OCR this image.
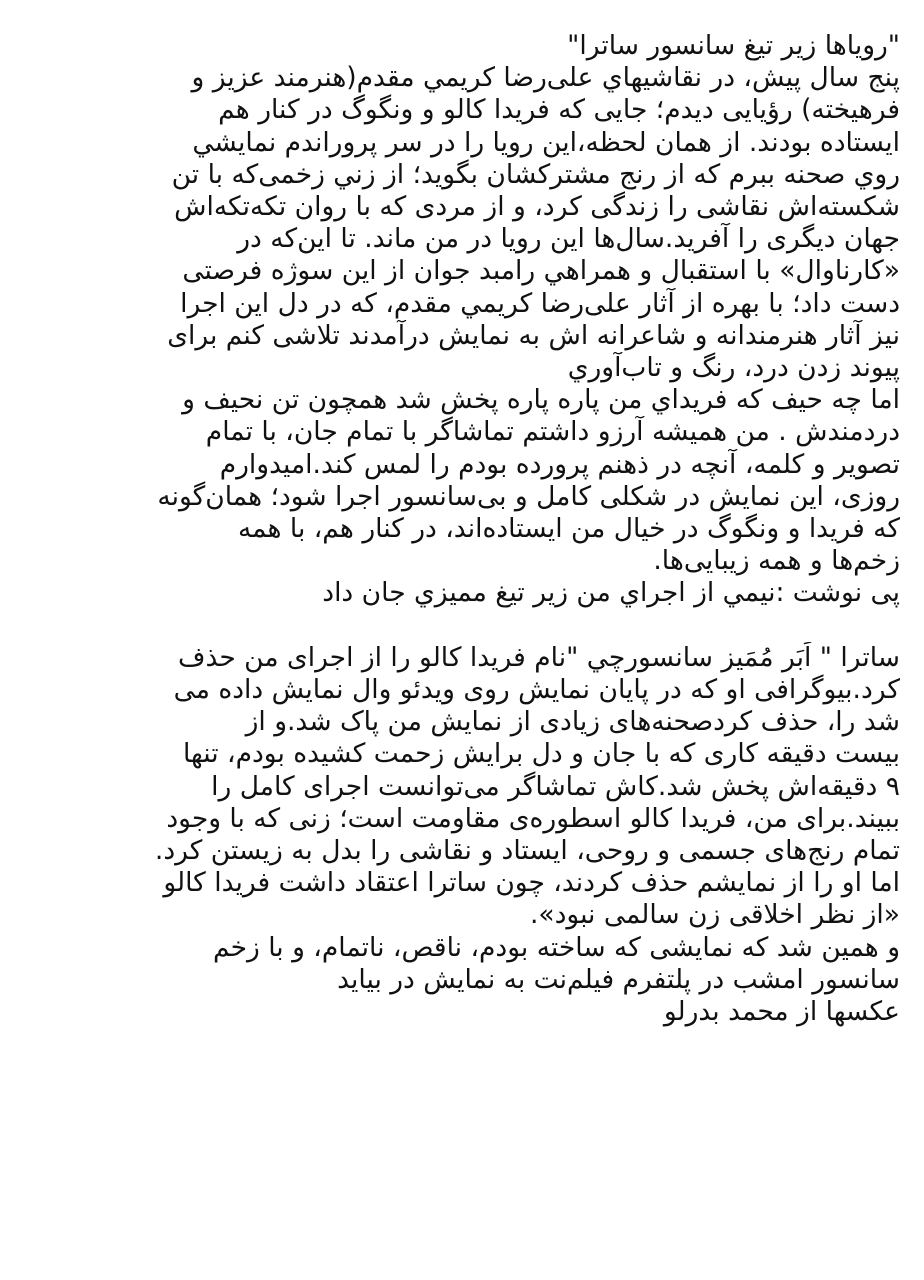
"رویاها زیر تیغ سانسور ساترا"
پنج سال پیش، در نقاشیهاي علی‌رضا کریمي مقدم(هنرمند عزیز و
فرهیخته) رؤیایی دیدم؛ جایی که فریدا کالو و ونگوگ در کنار هم
ایستاده بودند. از همان لحظه،این رویا را در سر پروراندم نمایشي
روي صحنه ببرم که از رنج مشترکشان بگوید؛ از زني زخمی‌که با تن
شکسته‌اش نقاشی را زندگی کرد، و از مردی که با روان تکه‌تکه‌اش
جهان دیگری را آفرید.سال‌ها این رویا در من ماند. تا این‌که در
«کارناوال» با استقبال و همراهي رامبد جوان از این سوژه فرصتی
دست داد؛ با بهره از آثار علی‌رضا کریمي مقدم، که در دل این اجرا
نیز آثار هنرمندانه و شاعرانه اش به نمایش درآمدند تلاشی کنم برای
پیوند زدن درد، رنگ و تاب‌آوري
اما چه حیف که فریداي من پاره پاره پخش شد همچون تن نحیف و
دردمندش . من همیشه آرزو داشتم تماشاگر با تمام جان، با تمام
تصویر و کلمه، آنچه در ذهنم پرورده بودم را لمس کند.امیدوارم
روزی، این نمایش در شکلی کامل و بی‌سانسور اجرا شود؛ همان‌گونه
که فریدا و ونگوگ در خیال من ایستاده‌اند، در کنار هم، با همه
زخم‌ها و همه زیبایی‌ها.
پی نوشت :نیمي از اجراي من زیر تیغ ممیزي جان داد
ساترا " اَبَر مُمَیز سانسورچي "نام فریدا کالو را از اجرای من حذف
کرد.بیوگرافی او که در پایان نمایش روی ویدئو وال نمایش داده می
شد را، حذف کردصحنه‌های زیادی از نمایش من پاک شد.و از
بیست دقیقه کاری که با جان و دل برایش زحمت کشیده بودم، تنها
۹ دقیقه‌اش پخش شد.کاش تماشاگر می‌توانست اجرای کامل را
ببیند.برای من، فریدا کالو اسطوره‌ی مقاومت است؛ زنی که با وجود
تمام رنج‌های جسمی و روحی، ایستاد و نقاشی را بدل به زیستن کرد.
اما او را از نمایشم حذف کردند، چون ساترا اعتقاد داشت فریدا کالو
«از نظر اخلاقی زن سالمی نبود».
و همین شد که نمایشی که ساخته بودم، ناقص، ناتمام، و با زخم
سانسور امشب در پلتفرم فیلم‌نت به نمایش در بیاید
عکسها از محمد بدرلو
